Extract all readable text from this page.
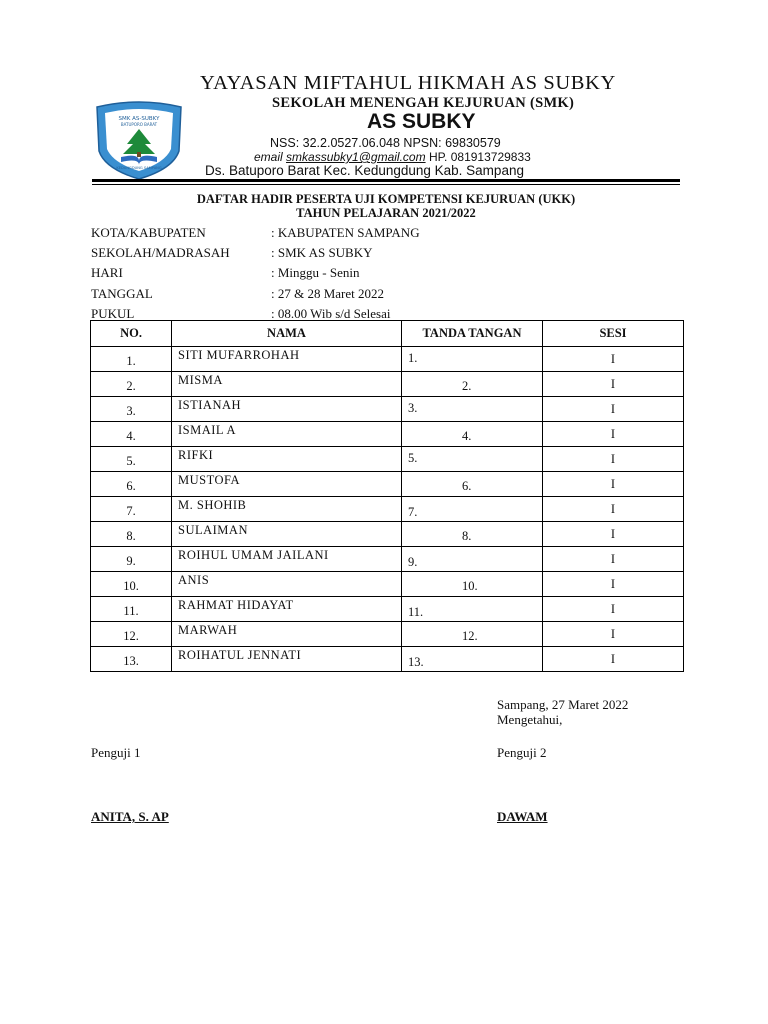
SMK AS-SUBKY
BATUPORO BARAT
KEDUNGDUNG SAMPANG
YAYASAN MIFTAHUL HIKMAH AS SUBKY
SEKOLAH MENENGAH KEJURUAN (SMK)
AS SUBKY
NSS: 32.2.0527.06.048 NPSN: 69830579
email smkassubky1@gmail.com HP. 081913729833
Ds. Batuporo Barat Kec. Kedungdung Kab. Sampang
DAFTAR HADIR PESERTA UJI KOMPETENSI KEJURUAN (UKK)
TAHUN PELAJARAN 2021/2022
KOTA/KABUPATEN	: KABUPATEN SAMPANG
SEKOLAH/MADRASAH	: SMK AS SUBKY
HARI	: Minggu - Senin
TANGGAL	: 27 & 28 Maret 2022
PUKUL	: 08.00 Wib s/d Selesai
NO.	NAMA	TANDA TANGAN	SESI

1.	SITI MUFARROHAH	1.	I

2.	MISMA	2.	I

3.	ISTIANAH	3.	I

4.	ISMAIL A	4.	I

5.	RIFKI	5.	I

6.	MUSTOFA	6.	I

7.	M. SHOHIB	7.	I

8.	SULAIMAN	8.	I

9.	ROIHUL UMAM JAILANI	9.	I

10.	ANIS	10.	I

11.	RAHMAT HIDAYAT	11.	I

12.	MARWAH	12.	I

13.	ROIHATUL JENNATI	13.	I
Sampang, 27 Maret 2022
Mengetahui,
Penguji 1	Penguji 2
ANITA, S. AP	DAWAM
